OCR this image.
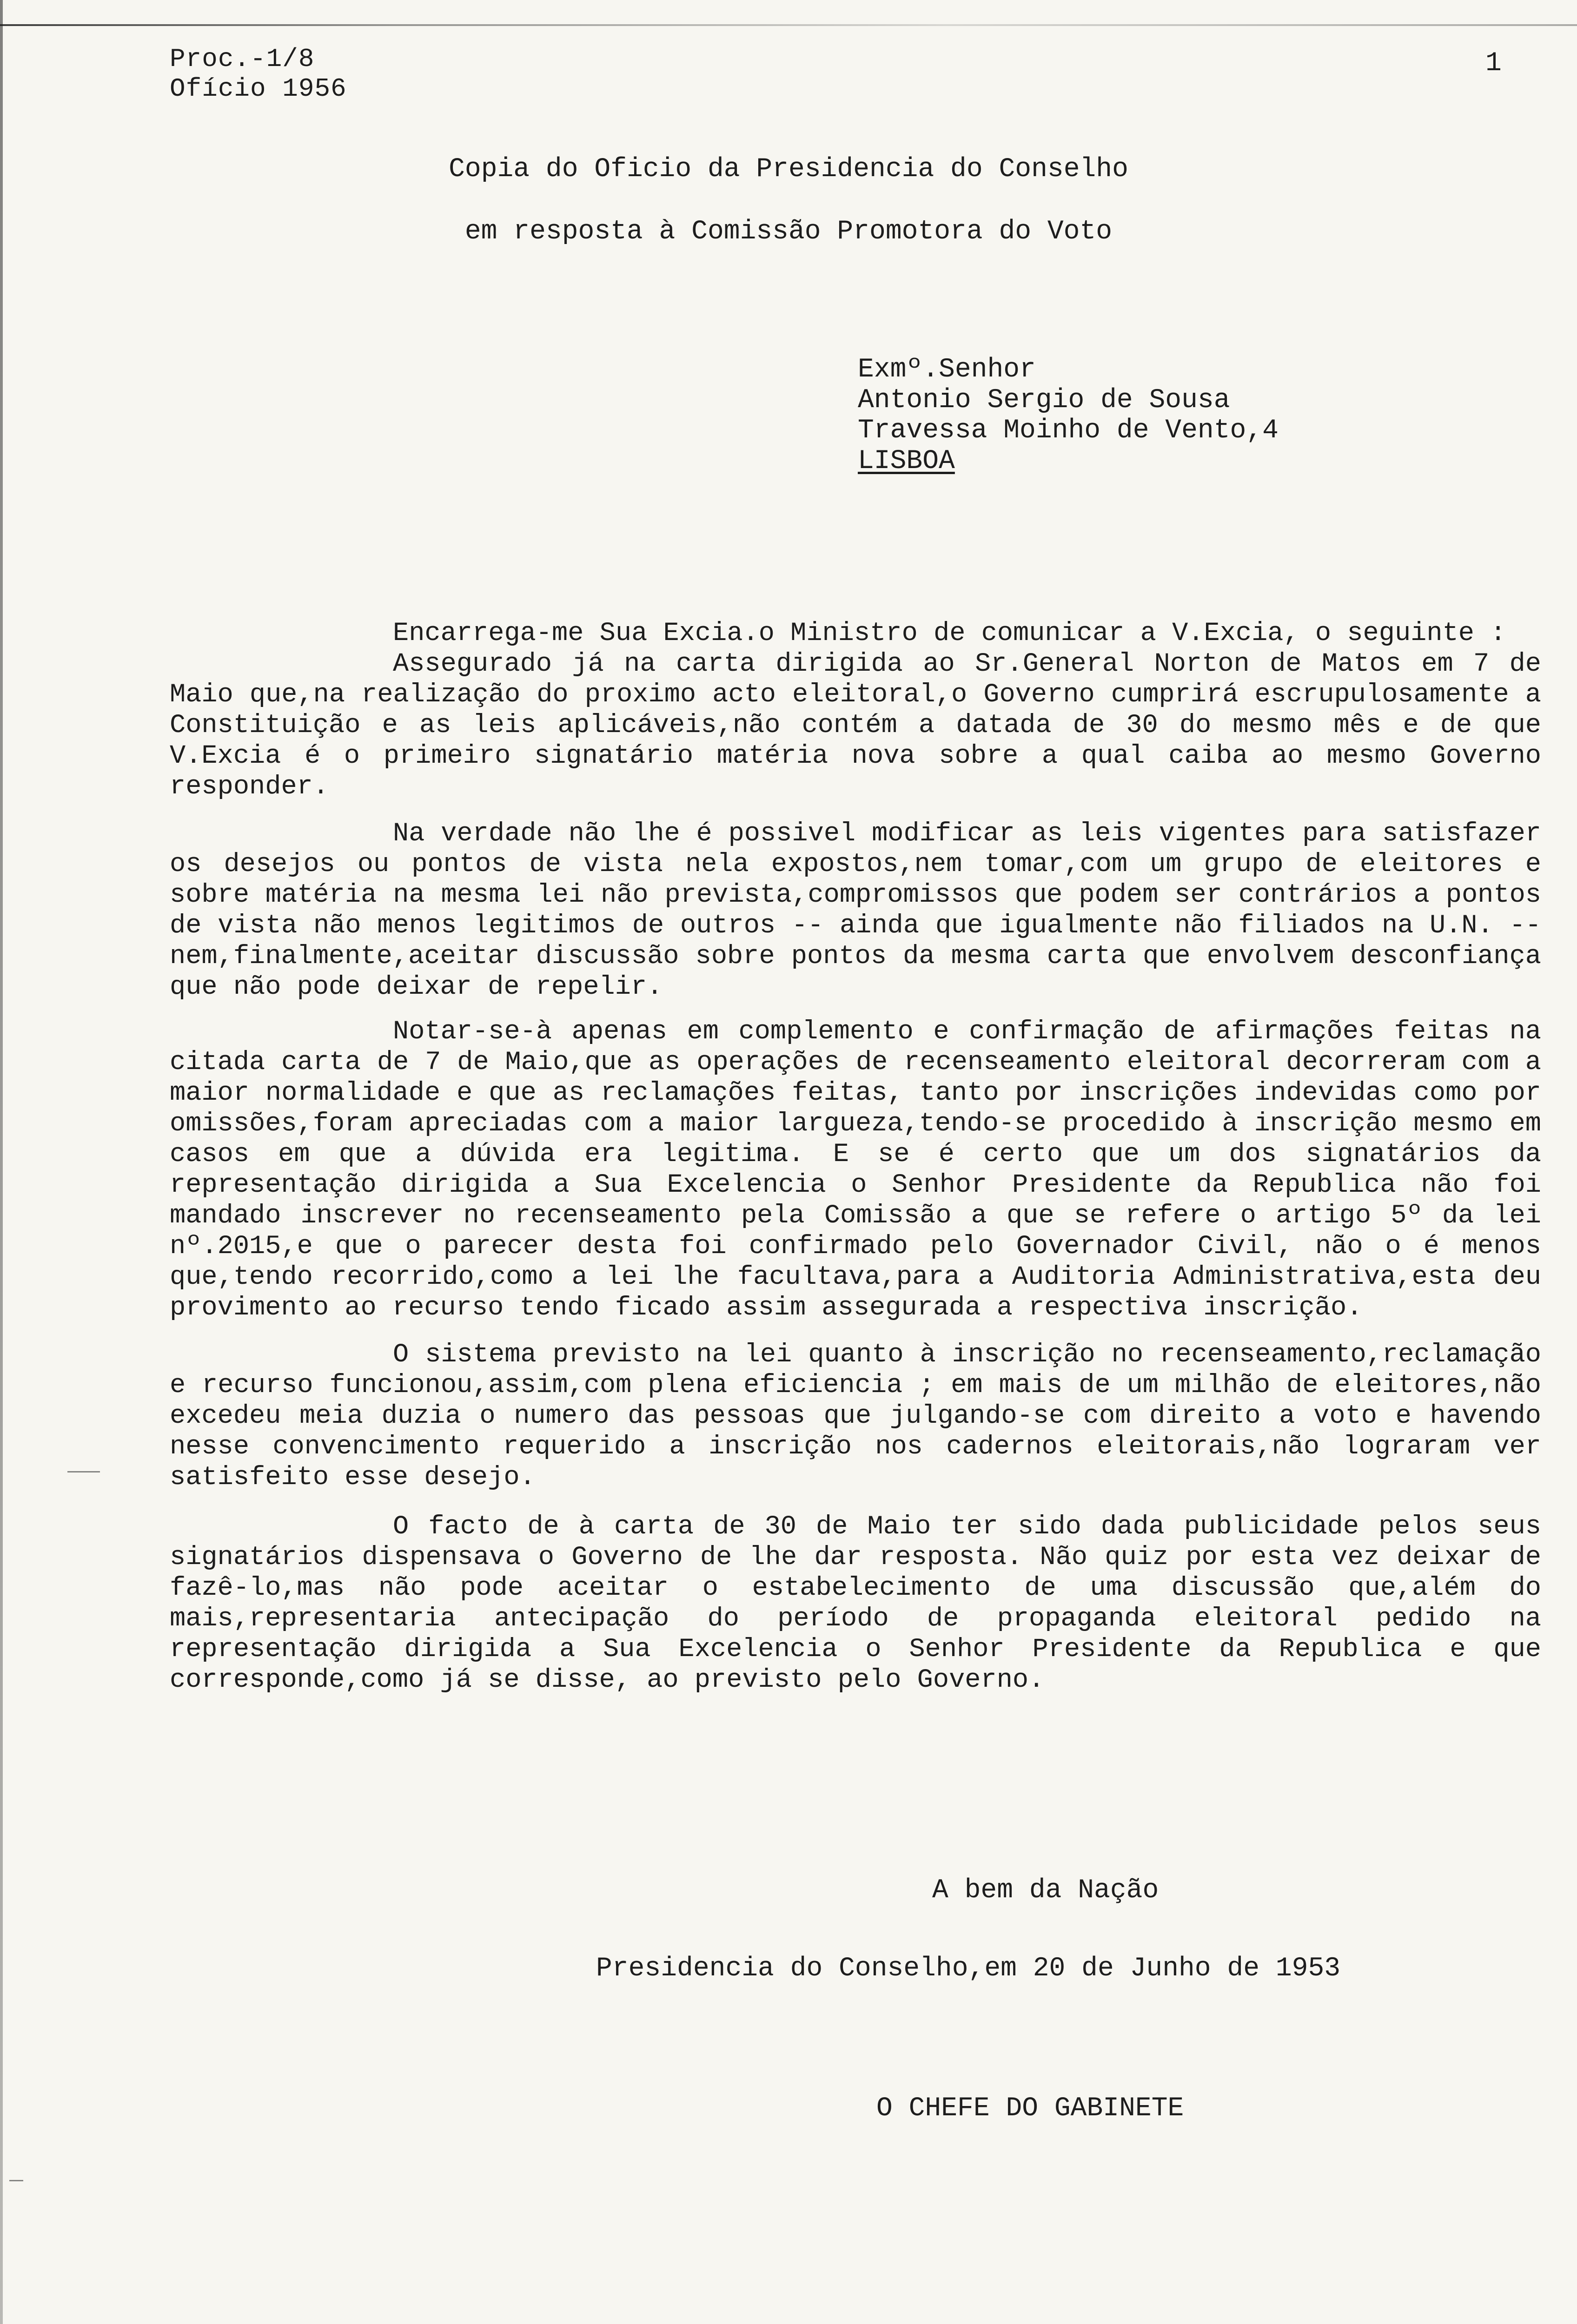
Proc.-1/8
Ofício 1956
1
Copia do Oficio da Presidencia do Conselho
em resposta à Comissão Promotora do Voto
Exmº.Senhor
Antonio Sergio de Sousa
Travessa Moinho de Vento,4
LISBOA

Encarrega-me Sua Excia.o Ministro de comunicar a V.Excia, o seguinte :

Assegurado já na carta dirigida ao Sr.General Norton de Matos em 7 de Maio que,na realização do proximo acto eleitoral,o Governo cumprirá escrupulosamente a Constituição e as leis aplicáveis,não contém a datada de 30 do mesmo mês e de que V.Excia é o primeiro signatário matéria nova sobre a qual caiba ao mesmo Governo responder.

Na verdade não lhe é possivel modificar as leis vigentes para satisfazer os desejos ou pontos de vista nela expostos,nem tomar,com um grupo de eleitores e sobre matéria na mesma lei não prevista,compromissos que podem ser contrários a pontos de vista não menos legitimos de outros -- ainda que igualmente não filiados na U.N. -- nem,finalmente,aceitar discussão sobre pontos da mesma carta que envolvem desconfiança que não pode deixar de repelir.

Notar-se-à apenas em complemento e confirmação de afirmações feitas na citada carta de 7 de Maio,que as operações de recenseamento eleitoral decorreram com a maior normalidade e que as reclamações feitas, tanto por inscrições indevidas como por omissões,foram apreciadas com a maior largueza,tendo-se procedido à inscrição mesmo em casos em que a dúvida era legitima. E se é certo que um dos signatários da representação dirigida a Sua Excelencia o Senhor Presidente da Republica não foi mandado inscrever no recenseamento pela Comissão a que se refere o artigo 5º da lei nº.2015,e que o parecer desta foi confirmado pelo Governador Civil, não o é menos que,tendo recorrido,como a lei lhe facultava,para a Auditoria Administrativa,esta deu provimento ao recurso tendo ficado assim assegurada a respectiva inscrição.

O sistema previsto na lei quanto à inscrição no recenseamento,reclamação e recurso funcionou,assim,com plena eficiencia ; em mais de um milhão de eleitores,não excedeu meia duzia o numero das pessoas que julgando-se com direito a voto e havendo nesse convencimento requerido a inscrição nos cadernos eleitorais,não lograram ver satisfeito esse desejo.

O facto de à carta de 30 de Maio ter sido dada publicidade pelos seus signatários dispensava o Governo de lhe dar resposta. Não quiz por esta vez deixar de fazê-lo,mas não pode aceitar o estabelecimento de uma discussão que,além do mais,representaria antecipação do período de propaganda eleitoral pedido na representação dirigida a Sua Excelencia o Senhor Presidente da Republica e que corresponde,como já se disse, ao previsto pelo Governo.

A bem da Nação
Presidencia do Conselho,em 20 de Junho de 1953
O CHEFE DO GABINETE
